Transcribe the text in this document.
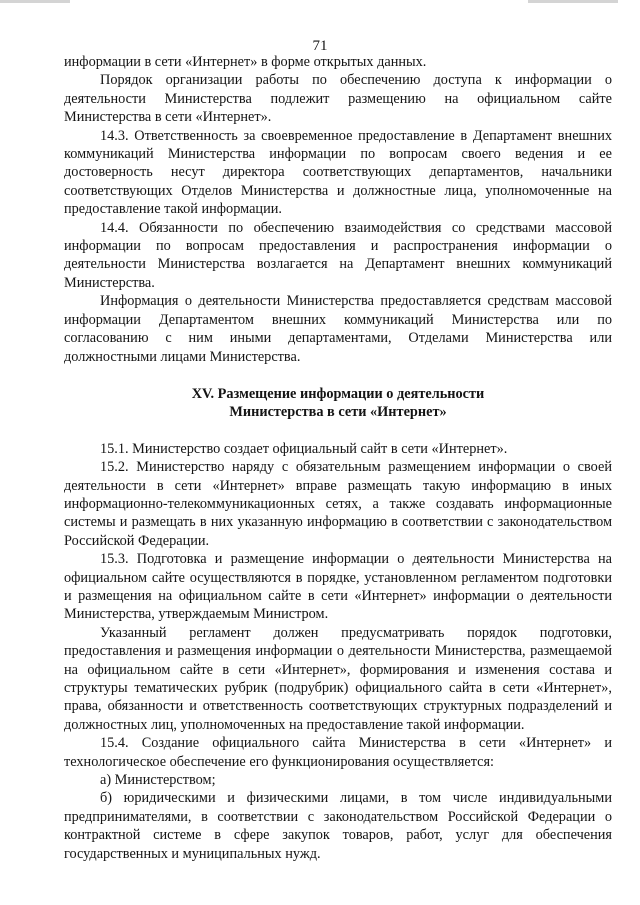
71

информации в сети «Интернет» в форме открытых данных.

Порядок организации работы по обеспечению доступа к информации о деятельности Министерства подлежит размещению на официальном сайте Министерства в сети «Интернет».

14.3. Ответственность за своевременное предоставление в Департамент внешних коммуникаций Министерства информации по вопросам своего ведения и ее достоверность несут директора соответствующих департаментов, начальники соответствующих Отделов Министерства и должностные лица, уполномоченные на предоставление такой информации.

14.4. Обязанности по обеспечению взаимодействия со средствами массовой информации по вопросам предоставления и распространения информации о деятельности Министерства возлагается на Департамент внешних коммуникаций Министерства.

Информация о деятельности Министерства предоставляется средствам массовой информации Департаментом внешних коммуникаций Министерства или по согласованию с ним иными департаментами, Отделами Министерства или должностными лицами Министерства.

XV. Размещение информации о деятельности
Министерства в сети «Интернет»

15.1. Министерство создает официальный сайт в сети «Интернет».

15.2. Министерство наряду с обязательным размещением информации о своей деятельности в сети «Интернет» вправе размещать такую информацию в иных информационно-телекоммуникационных сетях, а также создавать информационные системы и размещать в них указанную информацию в соответствии с законодательством Российской Федерации.

15.3. Подготовка и размещение информации о деятельности Министерства на официальном сайте осуществляются в порядке, установленном регламентом подготовки и размещения на официальном сайте в сети «Интернет» информации о деятельности Министерства, утверждаемым Министром.

Указанный регламент должен предусматривать порядок подготовки, предоставления и размещения информации о деятельности Министерства, размещаемой на официальном сайте в сети «Интернет», формирования и изменения состава и структуры тематических рубрик (подрубрик) официального сайта в сети «Интернет», права, обязанности и ответственность соответствующих структурных подразделений и должностных лиц, уполномоченных на предоставление такой информации.

15.4. Создание официального сайта Министерства в сети «Интернет» и технологическое обеспечение его функционирования осуществляется:

а) Министерством;

б) юридическими и физическими лицами, в том числе индивидуальными предпринимателями, в соответствии с законодательством Российской Федерации о контрактной системе в сфере закупок товаров, работ, услуг для обеспечения государственных и муниципальных нужд.
